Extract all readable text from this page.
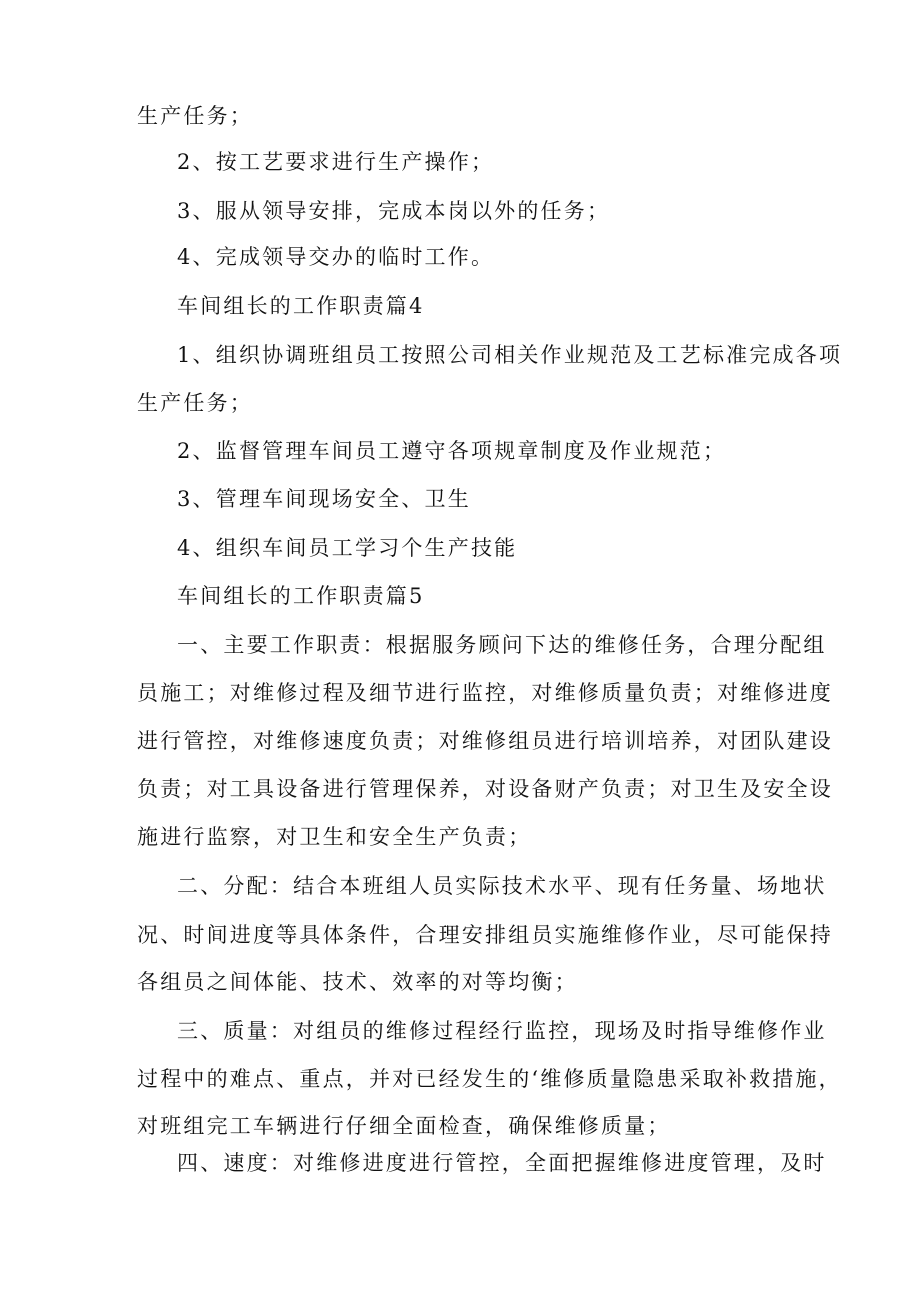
生产任务；
2、按工艺要求进行生产操作；
3、服从领导安排，完成本岗以外的任务；
4、完成领导交办的临时工作。
车间组长的工作职责篇4
1、组织协调班组员工按照公司相关作业规范及工艺标准完成各项
生产任务；
2、监督管理车间员工遵守各项规章制度及作业规范；
3、管理车间现场安全、卫生
4、组织车间员工学习个生产技能
车间组长的工作职责篇5
一、主要工作职责：根据服务顾问下达的维修任务，合理分配组
员施工；对维修过程及细节进行监控，对维修质量负责；对维修进度
进行管控，对维修速度负责；对维修组员进行培训培养，对团队建设
负责；对工具设备进行管理保养，对设备财产负责；对卫生及安全设
施进行监察，对卫生和安全生产负责；
二、分配：结合本班组人员实际技术水平、现有任务量、场地状
况、时间进度等具体条件，合理安排组员实施维修作业，尽可能保持
各组员之间体能、技术、效率的对等均衡；
三、质量：对组员的维修过程经行监控，现场及时指导维修作业
过程中的难点、重点，并对已经发生的‘维修质量隐患采取补救措施，
对班组完工车辆进行仔细全面检查，确保维修质量；
四、速度：对维修进度进行管控，全面把握维修进度管理，及时
